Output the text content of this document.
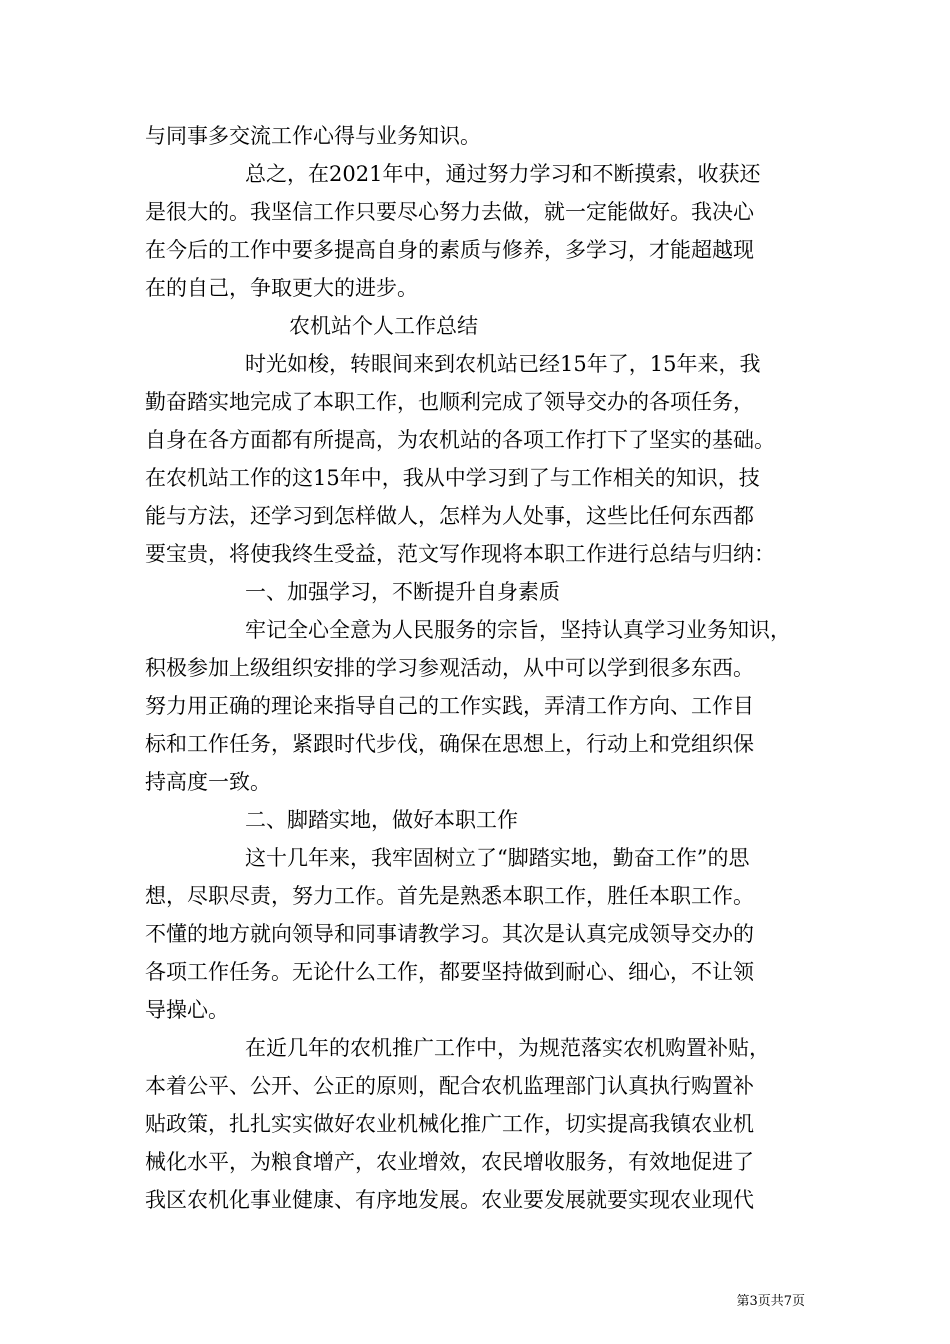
与同事多交流工作心得与业务知识。
总之，在2021年中，通过努力学习和不断摸索，收获还
是很大的。我坚信工作只要尽心努力去做，就一定能做好。我决心
在今后的工作中要多提高自身的素质与修养，多学习，才能超越现
在的自己，争取更大的进步。
农机站个人工作总结
时光如梭，转眼间来到农机站已经15年了，15年来，我
勤奋踏实地完成了本职工作，也顺利完成了领导交办的各项任务，
自身在各方面都有所提高，为农机站的各项工作打下了坚实的基础。
在农机站工作的这15年中，我从中学习到了与工作相关的知识，技
能与方法，还学习到怎样做人，怎样为人处事，这些比任何东西都
要宝贵，将使我终生受益，范文写作现将本职工作进行总结与归纳：
一、加强学习，不断提升自身素质
牢记全心全意为人民服务的宗旨，坚持认真学习业务知识，
积极参加上级组织安排的学习参观活动，从中可以学到很多东西。
努力用正确的理论来指导自己的工作实践，弄清工作方向、工作目
标和工作任务，紧跟时代步伐，确保在思想上，行动上和党组织保
持高度一致。
二、脚踏实地，做好本职工作
这十几年来，我牢固树立了“脚踏实地，勤奋工作”的思
想，尽职尽责，努力工作。首先是熟悉本职工作，胜任本职工作。
不懂的地方就向领导和同事请教学习。其次是认真完成领导交办的
各项工作任务。无论什么工作，都要坚持做到耐心、细心，不让领
导操心。
在近几年的农机推广工作中，为规范落实农机购置补贴，
本着公平、公开、公正的原则，配合农机监理部门认真执行购置补
贴政策，扎扎实实做好农业机械化推广工作，切实提高我镇农业机
械化水平，为粮食增产，农业增效，农民增收服务，有效地促进了
我区农机化事业健康、有序地发展。农业要发展就要实现农业现代
第3页共7页
